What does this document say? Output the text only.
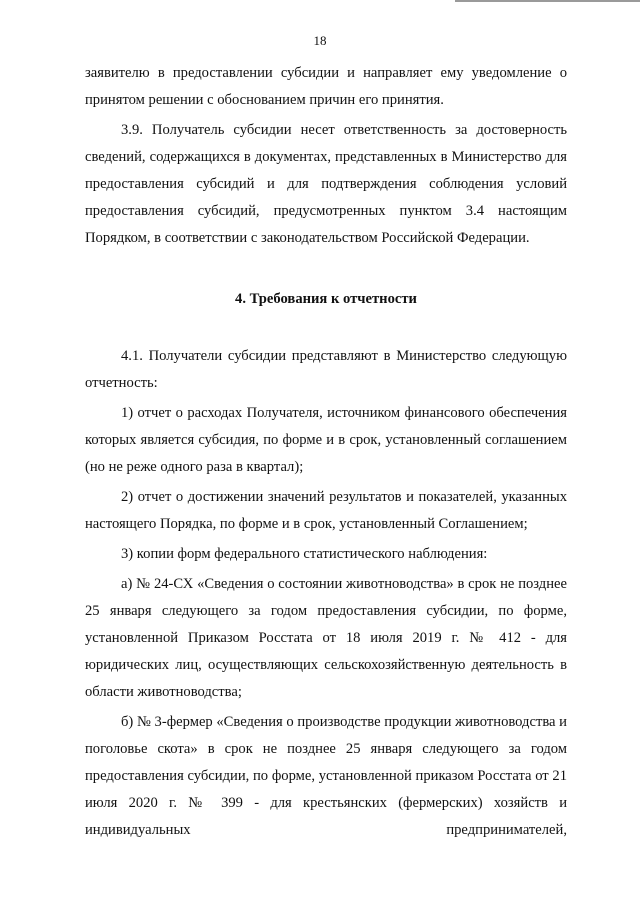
18

заявителю в предоставлении субсидии и направляет ему уведомление о принятом решении с обоснованием причин его принятия.

3.9. Получатель субсидии несет ответственность за достоверность сведений, содержащихся в документах, представленных в Министерство для предоставления субсидий и для подтверждения соблюдения условий предоставления субсидий, предусмотренных пунктом 3.4 настоящим Порядком, в соответствии с законодательством Российской Федерации.

4. Требования к отчетности

4.1. Получатели субсидии представляют в Министерство следующую отчетность:

1) отчет о расходах Получателя, источником финансового обеспечения которых является субсидия, по форме и в срок, установленный соглашением (но не реже одного раза в квартал);

2) отчет о достижении значений результатов и показателей, указанных настоящего Порядка, по форме и в срок, установленный Соглашением;

3) копии форм федерального статистического наблюдения:

а) № 24-СХ «Сведения о состоянии животноводства» в срок не позднее 25 января следующего за годом предоставления субсидии, по форме, установленной Приказом Росстата от 18 июля 2019 г. № 412 - для юридических лиц, осуществляющих сельскохозяйственную деятельность в области животноводства;

б) № 3-фермер «Сведения о производстве продукции животноводства и поголовье скота» в срок не позднее 25 января следующего за годом предоставления субсидии, по форме, установленной приказом Росстата от 21 июля 2020 г. № 399 - для крестьянских (фермерских) хозяйств и индивидуальных предпринимателей,
